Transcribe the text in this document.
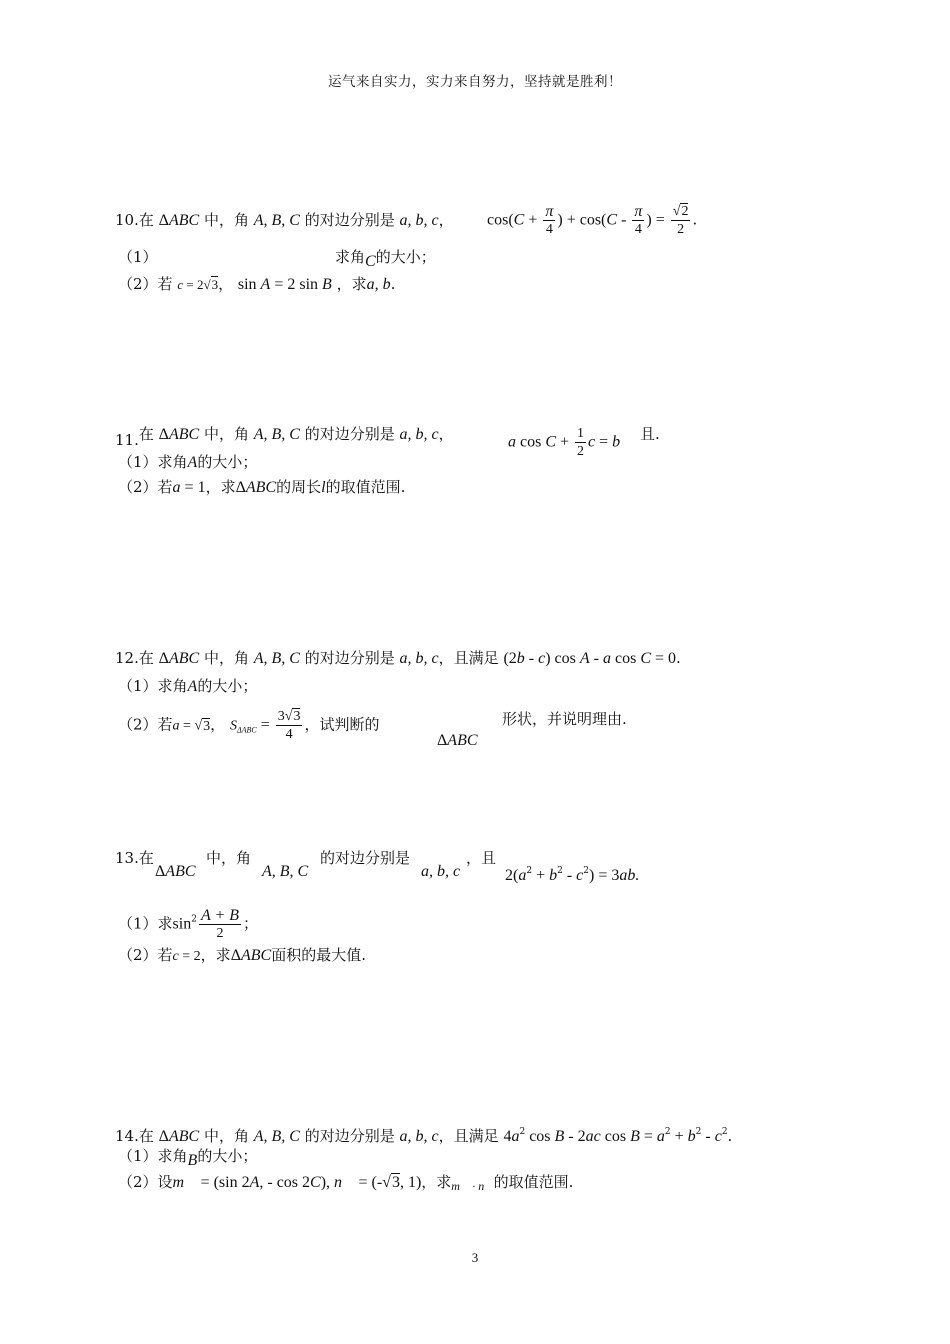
运气来自实力，实力来自努力，坚持就是胜利！
10.在 ΔABC 中，角 A, B, C 的对边分别是 a, b, c， $\cos(C + \frac{\pi}{4}$ ) + $\cos(C - \frac{\pi}{4}$ ) = $\frac{√2}{2}$ .
（1）	求角C的大小；
（2）若 c = 2√3， sin A = 2 sin B ，求a, b.
11.在 ΔABC 中，角 A, B, C 的对边分别是 a, b, c，	a $\cos C + \frac{1}{2}$ c = b 且.
（1）求角A的大小；
（2）若a = 1，求ΔABC的周长l的取值范围.
12.在 ΔABC 中，角 A, B, C 的对边分别是 a, b, c，且满足 (2b - c) cos A - a cos C = 0.
（1）求角A的大小；
（2）若a = √3， $S_{\Delta ABC} = \frac{3√3}{4}$ ，试判断的
ΔABC
形状，并说明理由.
13.在
ΔABC
中，角
A, B, C
的对边分别是
a, b, c
，且
$2(a^2 + b^2 - c^2) = 3ab$.
（1）求$\sin^2 \frac{A + B}{2}$ ；
（2）若c = 2，求ΔABC面积的最大值.
14.在 ΔABC 中，角 A, B, C 的对边分别是 a, b, c，且满足 $4a^2$ cos B - 2ac $\cos B = a^2 + b^2 - c^2$.
（1）求角B的大小；
（2）设m⃗ = (sin 2A, - cos 2C), n⃗ = (-√3, 1)，求$_{m⃗ \cdot n⃗}$的取值范围.
3
